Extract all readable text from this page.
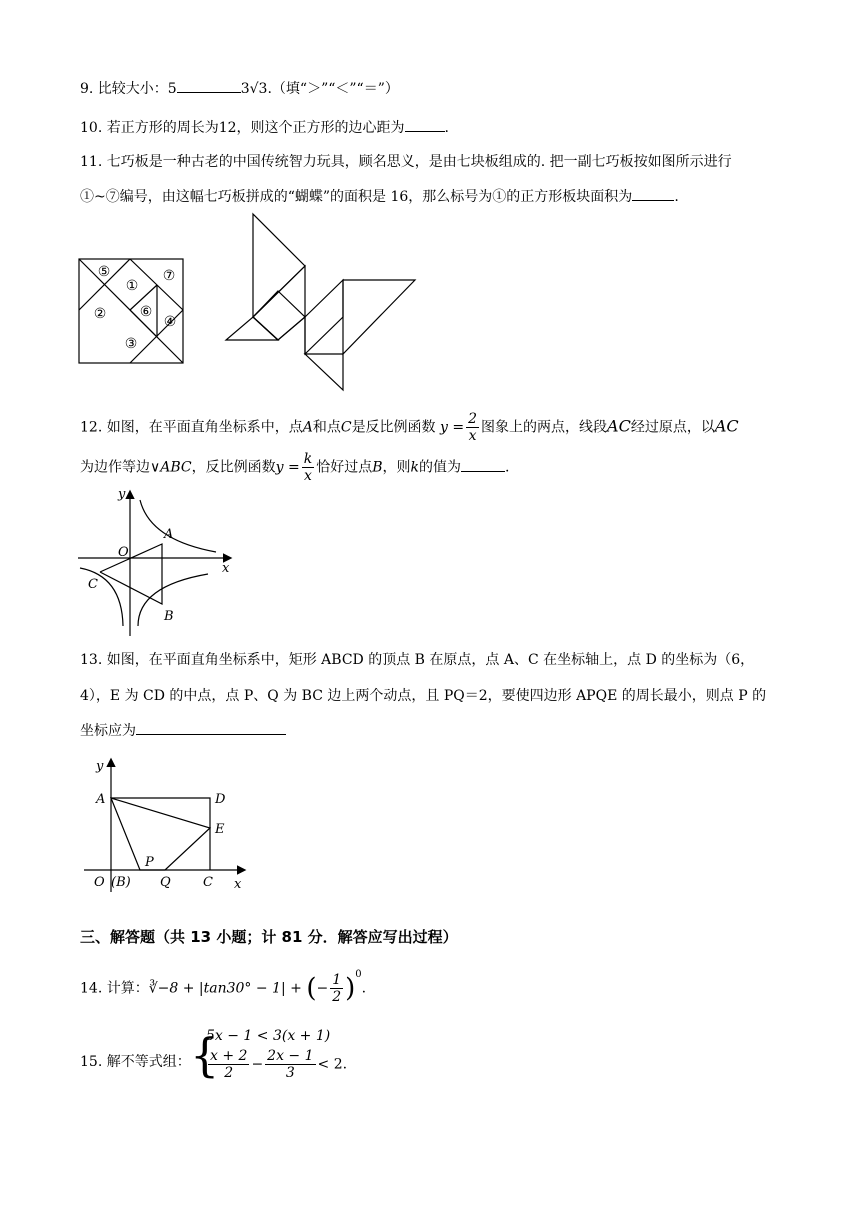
9. 比较大小：5	3√3.（填“＞”“＜”“＝”）
10. 若正方形的周长为12，则这个正方形的边心距为	.
11. 七巧板是一种古老的中国传统智力玩具，顾名思义，是由七块板组成的. 把一副七巧板按如图所示进行
①~⑦编号，由这幅七巧板拼成的“蝴蝶”的面积是 16，那么标号为①的正方形板块面积为	.
⑤
①
⑦
② ⑥
④
③
12. 如图，在平面直角坐标系中，点A和点C是反比例函数 $y = \frac{2}{x}$ 图象上的两点，线段AC经过原点，以AC
为边作等边∨ABC，反比例函数$y = \frac{k}{x}$ 恰好过点B，则k的值为	.
y
x
O
A
B
C
13. 如图，在平面直角坐标系中，矩形 ABCD 的顶点 B 在原点，点 A、C 在坐标轴上，点 D 的坐标为（6，
4），E 为 CD 的中点，点 P、Q 为 BC 边上两个动点，且 PQ＝2，要使四边形 APQE 的周长最小，则点 P 的
坐标应为
y
x
A	D
E
P
O (B) Q C
三、解答题（共 13 小题；计 81 分．解答应写出过程）
14. 计算：∛−8 + |tan30° − 1| + (− $\frac{1}{2} )^0$.
15. 解不等式组： {
5x − 1 < 3(x + 1)
$\frac{x + 2}{2} - \frac{2x - 1}{3} < 2$.
